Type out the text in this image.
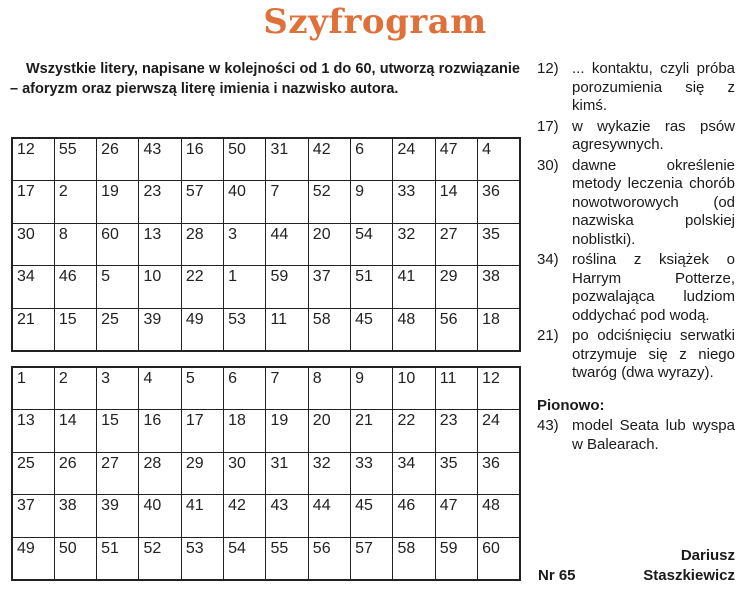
Szyfrogram
Wszystkie litery, napisane w kolejności od 1 do 60, utworzą rozwiązanie – aforyzm oraz pierwszą literę imienia i nazwisko autora.
12	55	26	43	16	50	31	42	6	24	47	4
17	2	19	23	57	40	7	52	9	33	14	36
30	8	60	13	28	3	44	20	54	32	27	35
34	46	5	10	22	1	59	37	51	41	29	38
21	15	25	39	49	53	11	58	45	48	56	18
1	2	3	4	5	6	7	8	9	10	11	12
13	14	15	16	17	18	19	20	21	22	23	24
25	26	27	28	29	30	31	32	33	34	35	36
37	38	39	40	41	42	43	44	45	46	47	48
49	50	51	52	53	54	55	56	57	58	59	60
12) ... kontaktu, czyli próba porozumienia się z kimś.
17) w wykazie ras psów agresywnych.
30) dawne określenie metody leczenia chorób nowotworowych (od nazwiska polskiej noblistki).
34) roślina z książek o Harrym Potterze, pozwalająca ludziom oddychać pod wodą.
21) po odciśnięciu serwatki otrzymuje się z niego twaróg (dwa wyrazy).
Pionowo:
43) model Seata lub wyspa w Balearach.
Nr 65
Dariusz
Staszkiewicz
